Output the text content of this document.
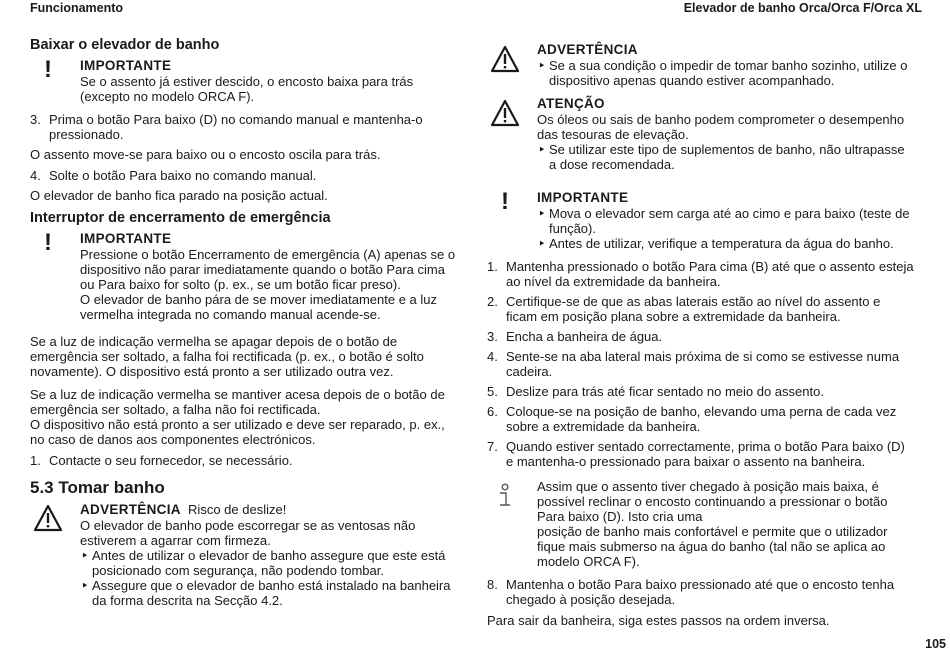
Funcionamento	Elevador de banho Orca/Orca F/Orca XL
Baixar o elevador de banho
! IMPORTANTE

Se o assento já estiver descido, o encosto baixa para trás (excepto no modelo ORCA F).

3. Prima o botão Para baixo (D) no comando manual e mantenha-o pressionado.

O assento move-se para baixo ou o encosto oscila para trás.

4. Solte o botão Para baixo no comando manual.

O elevador de banho fica parado na posição actual.

Interruptor de encerramento de emergência
! IMPORTANTE

Pressione o botão Encerramento de emergência (A) apenas se o dispositivo não parar imediatamente quando o botão Para cima ou Para baixo for solto (p. ex., se um botão ficar preso).

O elevador de banho pára de se mover imediatamente e a luz vermelha integrada no comando manual acende-se.

Se a luz de indicação vermelha se apagar depois de o botão de emergência ser soltado, a falha foi rectificada (p. ex., o botão é solto novamente). O dispositivo está pronto a ser utilizado outra vez.

Se a luz de indicação vermelha se mantiver acesa depois de o botão de emergência ser soltado, a falha não foi rectificada.

O dispositivo não está pronto a ser utilizado e deve ser reparado, p. ex., no caso de danos aos componentes electrónicos.

1. Contacte o seu fornecedor, se necessário.
5.3 Tomar banho
ADVERTÊNCIA Risco de deslize!

O elevador de banho pode escorregar se as ventosas não estiverem a agarrar com firmeza.

‣ Antes de utilizar o elevador de banho assegure que este está posicionado com segurança, não podendo tombar.
‣ Assegure que o elevador de banho está instalado na banheira da forma descrita na Secção 4.2.
ADVERTÊNCIA
‣ Se a sua condição o impedir de tomar banho sozinho, utilize o dispositivo apenas quando estiver acompanhado.
ATENÇÃO

Os óleos ou sais de banho podem comprometer o desempenho das tesouras de elevação.

‣ Se utilizar este tipo de suplementos de banho, não ultrapasse a dose recomendada.
! IMPORTANTE
‣ Mova o elevador sem carga até ao cimo e para baixo (teste de função).
‣ Antes de utilizar, verifique a temperatura da água do banho.
1. Mantenha pressionado o botão Para cima (B) até que o assento esteja ao nível da extremidade da banheira.
2. Certifique-se de que as abas laterais estão ao nível do assento e ficam em posição plana sobre a extremidade da banheira.
3. Encha a banheira de água.
4. Sente-se na aba lateral mais próxima de si como se estivesse numa cadeira.
5. Deslize para trás até ficar sentado no meio do assento.
6. Coloque-se na posição de banho, elevando uma perna de cada vez sobre a extremidade da banheira.
7. Quando estiver sentado correctamente, prima o botão Para baixo (D) e mantenha-o pressionado para baixar o assento na banheira.

Assim que o assento tiver chegado à posição mais baixa, é possível reclinar o encosto continuando a pressionar o botão Para baixo (D). Isto cria uma

posição de banho mais confortável e permite que o utilizador fique mais submerso na água do banho (tal não se aplica ao modelo ORCA F).

8. Mantenha o botão Para baixo pressionado até que o encosto tenha chegado à posição desejada.

Para sair da banheira, siga estes passos na ordem inversa.

105
